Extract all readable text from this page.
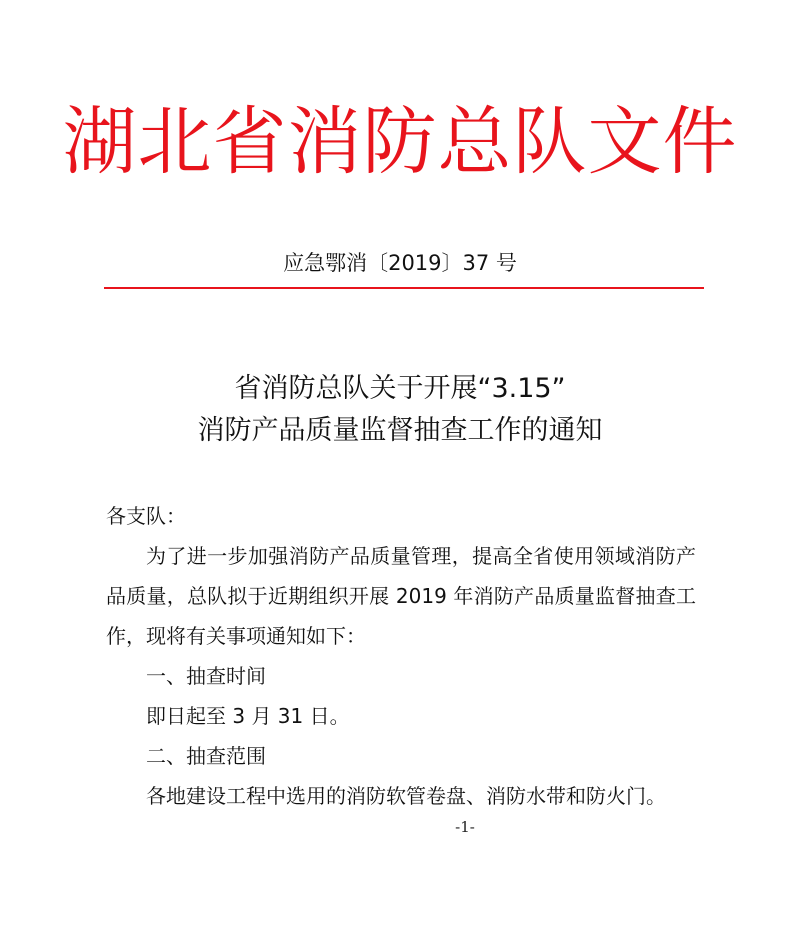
湖北省消防总队文件
应急鄂消〔2019〕37 号
省消防总队关于开展“3.15”
消防产品质量监督抽查工作的通知

各支队：

为了进一步加强消防产品质量管理，提高全省使用领域消防产品质量，总队拟于近期组织开展 2019 年消防产品质量监督抽查工作，现将有关事项通知如下：

一、抽查时间

即日起至 3 月 31 日。

二、抽查范围

各地建设工程中选用的消防软管卷盘、消防水带和防火门。

-1-
